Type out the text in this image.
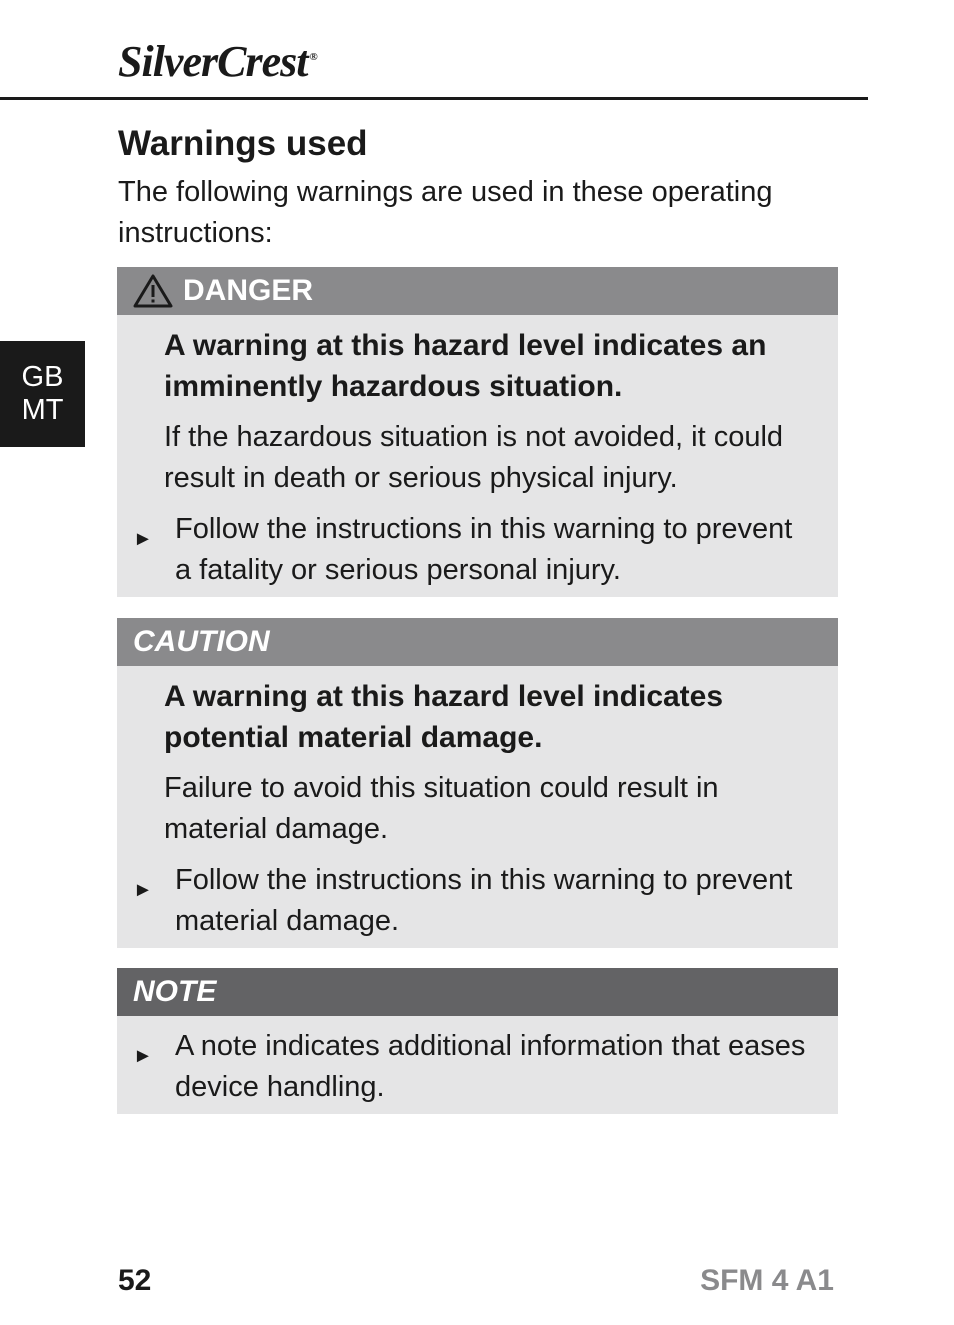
SilverCrest ®
GB
MT
Warnings used

The following warnings are used in these operating instructions:

DANGER

A warning at this hazard level indicates an imminently hazardous situation.

If the hazardous situation is not avoided, it could result in death or serious physical injury.

► Follow the instructions in this warning to prevent a fatality or serious personal injury.

CAUTION

A warning at this hazard level indicates potential material damage.

Failure to avoid this situation could result in material damage.

► Follow the instructions in this warning to prevent material damage.

NOTE

► A note indicates additional information that eases device handling.

52	SFM 4 A1
